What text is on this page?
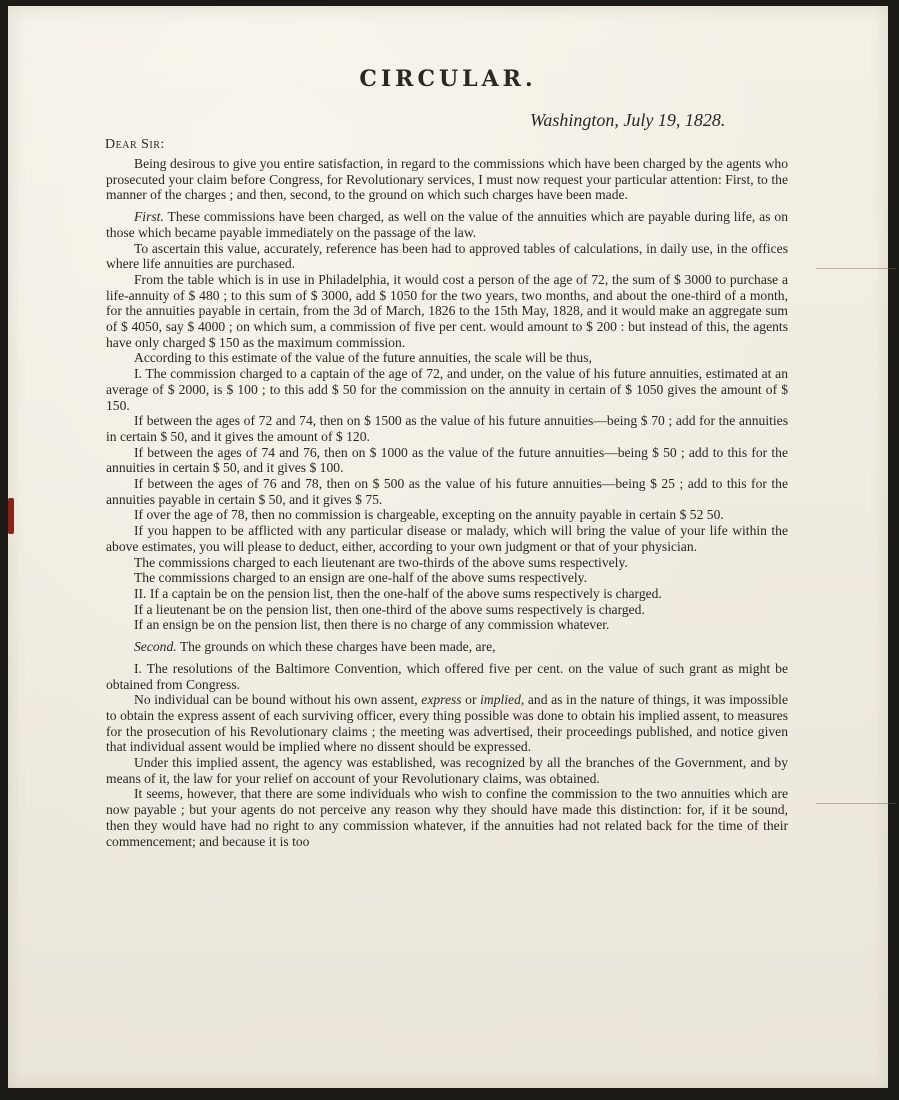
CIRCULAR.
Washington, July 19, 1828.
Dear Sir:

Being desirous to give you entire satisfaction, in regard to the commissions which have been charged by the agents who prosecuted your claim before Congress, for Revolutionary services, I must now request your particular attention: First, to the manner of the charges ; and then, second, to the ground on which such charges have been made.

First. These commissions have been charged, as well on the value of the annuities which are payable during life, as on those which became payable immediately on the passage of the law.

To ascertain this value, accurately, reference has been had to approved tables of calculations, in daily use, in the offices where life annuities are purchased.

From the table which is in use in Philadelphia, it would cost a person of the age of 72, the sum of $ 3000 to purchase a life-annuity of $ 480 ; to this sum of $ 3000, add $ 1050 for the two years, two months, and about the one-third of a month, for the annuities payable in certain, from the 3d of March, 1826 to the 15th May, 1828, and it would make an aggregate sum of $ 4050, say $ 4000 ; on which sum, a commission of five per cent. would amount to $ 200 : but instead of this, the agents have only charged $ 150 as the maximum commission.

According to this estimate of the value of the future annuities, the scale will be thus,

I. The commission charged to a captain of the age of 72, and under, on the value of his future annuities, estimated at an average of $ 2000, is $ 100 ; to this add $ 50 for the commission on the annuity in certain of $ 1050 gives the amount of $ 150.

If between the ages of 72 and 74, then on $ 1500 as the value of his future annuities—being $ 70 ; add for the annuities in certain $ 50, and it gives the amount of $ 120.

If between the ages of 74 and 76, then on $ 1000 as the value of the future annuities—being $ 50 ; add to this for the annuities in certain $ 50, and it gives $ 100.

If between the ages of 76 and 78, then on $ 500 as the value of his future annuities—being $ 25 ; add to this for the annuities payable in certain $ 50, and it gives $ 75.

If over the age of 78, then no commission is chargeable, excepting on the annuity payable in certain $ 52 50.

If you happen to be afflicted with any particular disease or malady, which will bring the value of your life within the above estimates, you will please to deduct, either, according to your own judgment or that of your physician.

The commissions charged to each lieutenant are two-thirds of the above sums respectively.

The commissions charged to an ensign are one-half of the above sums respectively.

II. If a captain be on the pension list, then the one-half of the above sums respectively is charged.

If a lieutenant be on the pension list, then one-third of the above sums respectively is charged.

If an ensign be on the pension list, then there is no charge of any commission whatever.

Second. The grounds on which these charges have been made, are,

I. The resolutions of the Baltimore Convention, which offered five per cent. on the value of such grant as might be obtained from Congress.

No individual can be bound without his own assent, express or implied, and as in the nature of things, it was impossible to obtain the express assent of each surviving officer, every thing possible was done to obtain his implied assent, to measures for the prosecution of his Revolutionary claims ; the meeting was advertised, their proceedings published, and notice given that individual assent would be implied where no dissent should be expressed.

Under this implied assent, the agency was established, was recognized by all the branches of the Government, and by means of it, the law for your relief on account of your Revolutionary claims, was obtained.

It seems, however, that there are some individuals who wish to confine the commission to the two annuities which are now payable ; but your agents do not perceive any reason why they should have made this distinction: for, if it be sound, then they would have had no right to any commission whatever, if the annuities had not related back for the time of their commencement; and because it is too
